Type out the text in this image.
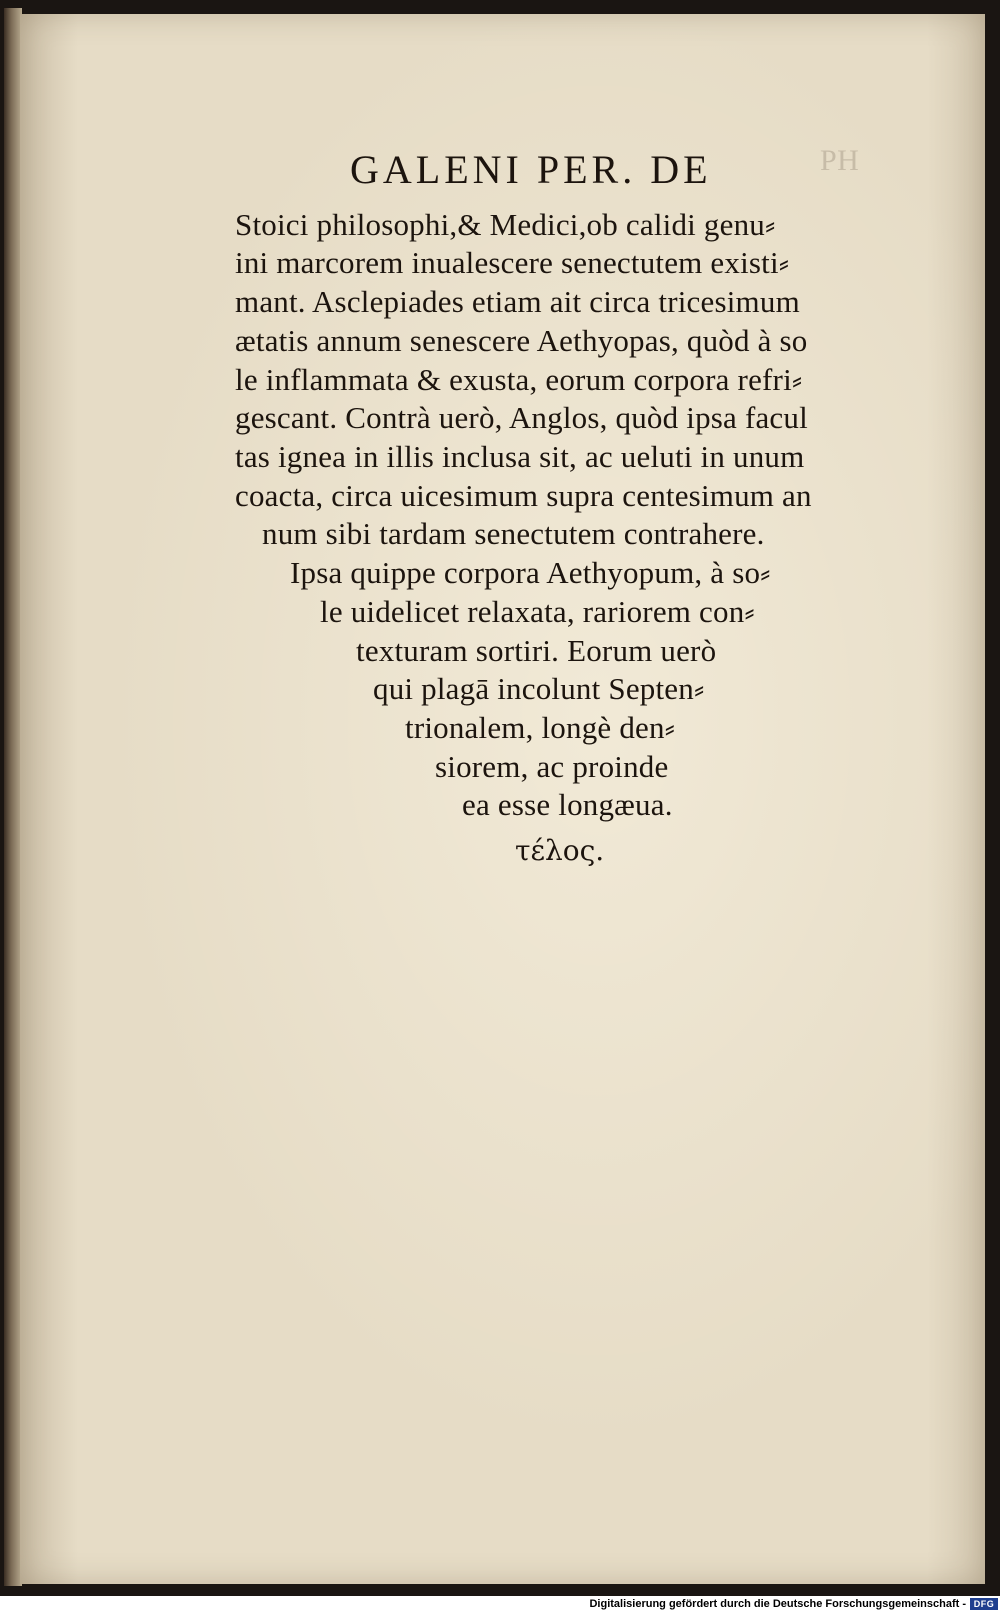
PH

GALENI PER. DE
Stoici philosophi,& Medici,ob calidi genu⸗
ini marcorem inualescere senectutem existi⸗
mant. Asclepiades etiam ait circa tricesimum
ætatis annum senescere Aethyopas, quòd à so
le inflammata & exusta, eorum corpora refri⸗
gescant. Contrà uerò, Anglos, quòd ipsa facul
tas ignea in illis inclusa sit, ac ueluti in unum
coacta, circa uicesimum supra centesimum an
num sibi tardam senectutem contrahere.
Ipsa quippe corpora Aethyopum, à so⸗
le uidelicet relaxata, rariorem con⸗
texturam sortiri. Eorum uerò
qui plagā incolunt Septen⸗
trionalem, longè den⸗
siorem, ac proinde
ea esse longæua.
τέλος.
Digitalisierung gefördert durch die Deutsche Forschungsgemeinschaft - DFG
